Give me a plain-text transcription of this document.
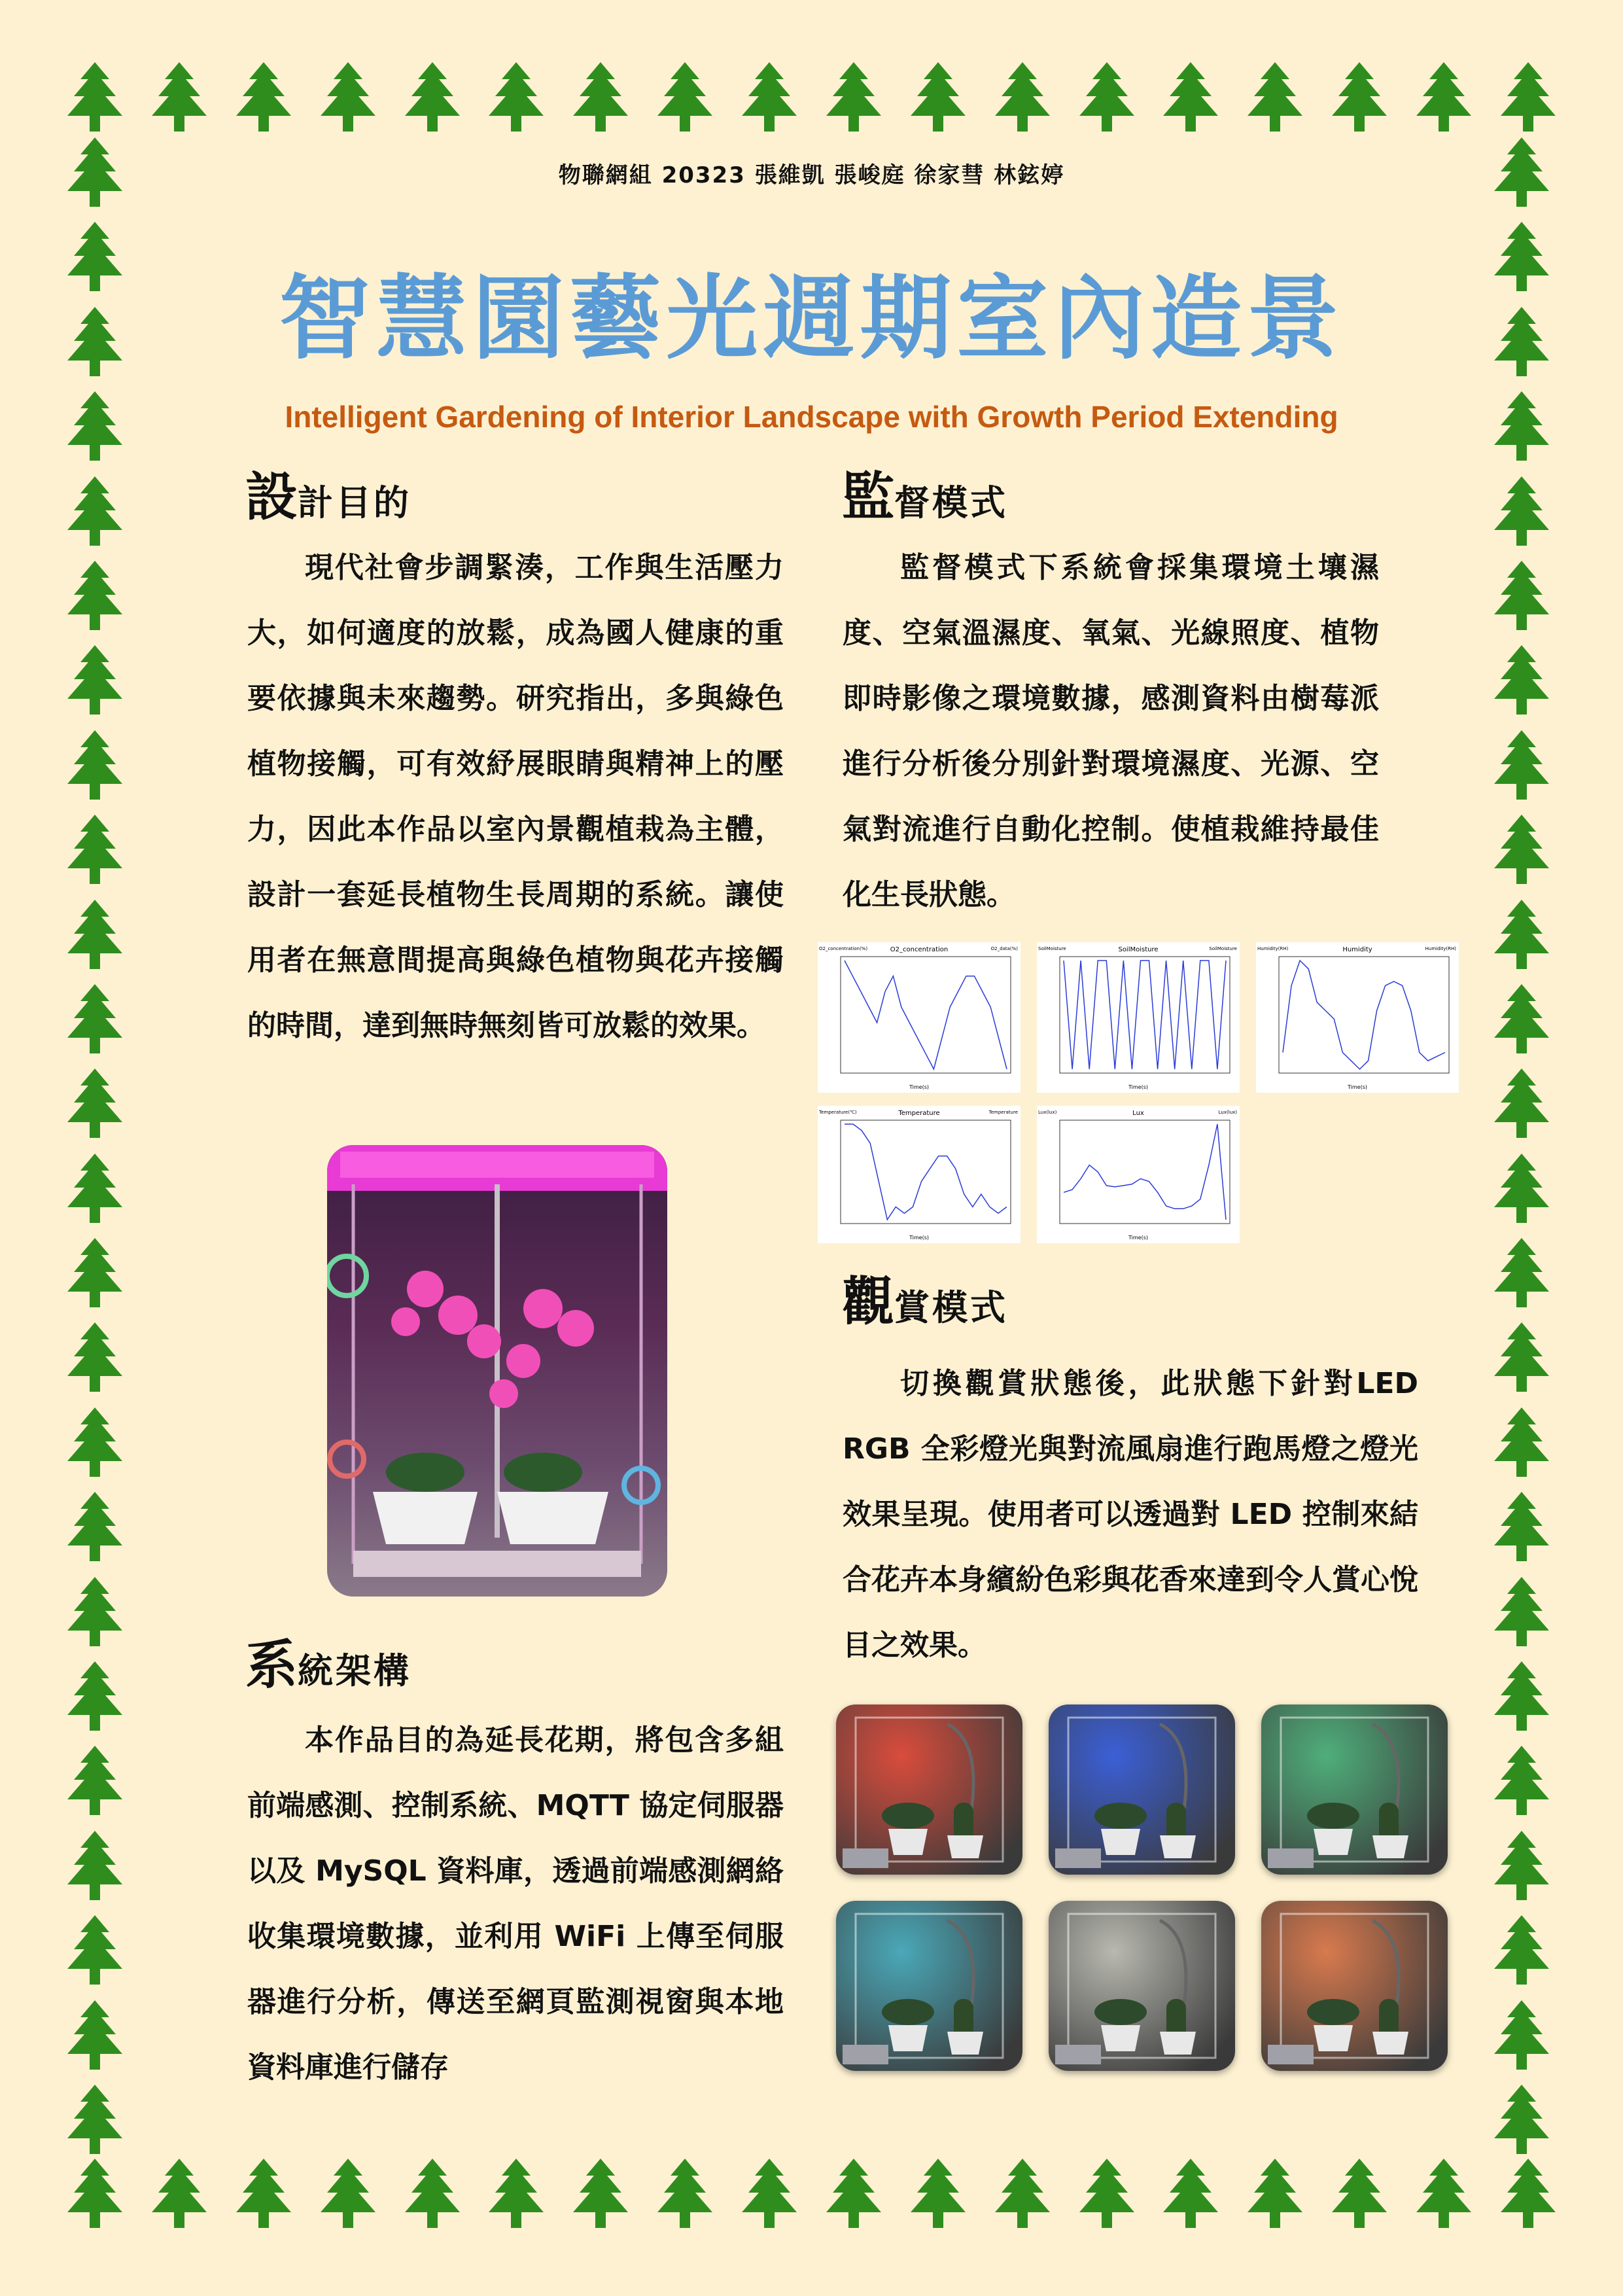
物聯網組 20323 張維凱 張峻庭 徐家彗 林鉉婷
智慧園藝光週期室內造景
Intelligent Gardening of Interior Landscape with Growth Period Extending
設計目的

現代社會步調緊湊，工作與生活壓力大，如何適度的放鬆，成為國人健康的重要依據與未來趨勢。研究指出，多與綠色植物接觸，可有效紓展眼睛與精神上的壓力，因此本作品以室內景觀植栽為主體，設計一套延長植物生長周期的系統。讓使用者在無意間提高與綠色植物與花卉接觸的時間，達到無時無刻皆可放鬆的效果。

監督模式

監督模式下系統會採集環境土壤濕度、空氣溫濕度、氧氣、光線照度、植物即時影像之環境數據，感測資料由樹莓派進行分析後分別針對環境濕度、光源、空氣對流進行自動化控制。使植栽維持最佳化生長狀態。

O2_concentration
O2_concentration(%)	O2_data(%)
Time(s)
SoilMoisture
SoilMoisture	SoilMoisture
Time(s)
Humidity
Humidity(RH)	Humidity(RH)
Time(s)
Temperature
Temperature(℃)	Temperature
Time(s)
Lux
Lux(lux)	Lux(lux)
Time(s)
系統架構

本作品目的為延長花期，將包含多組前端感測、控制系統、MQTT 協定伺服器以及 MySQL 資料庫，透過前端感測網絡收集環境數據，並利用 WiFi 上傳至伺服器進行分析，傳送至網頁監測視窗與本地資料庫進行儲存

觀賞模式

切換觀賞狀態後，此狀態下針對LED RGB 全彩燈光與對流風扇進行跑馬燈之燈光效果呈現。使用者可以透過對 LED 控制來結合花卉本身繽紛色彩與花香來達到令人賞心悅目之效果。
